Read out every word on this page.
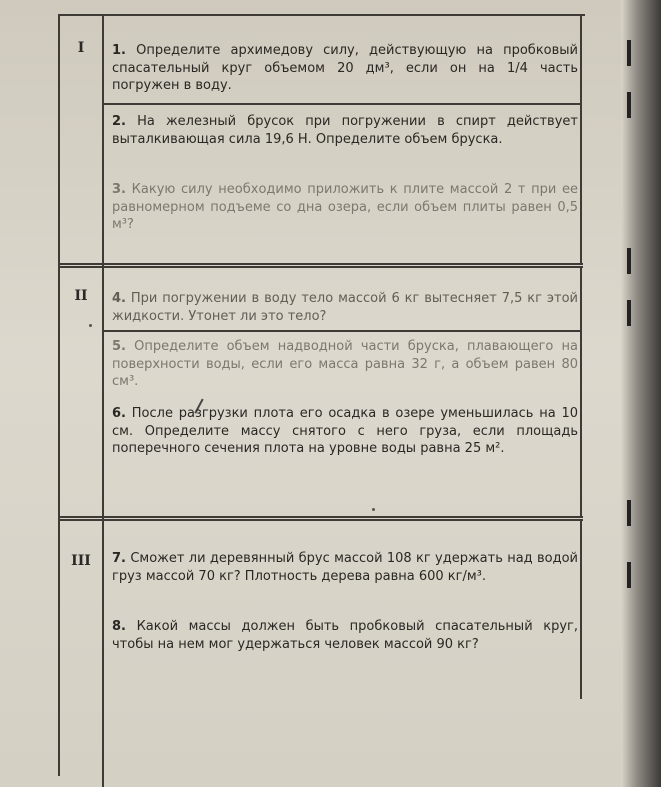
I
II
III

1. Определите архимедову силу, действующую на пробковый спасательный круг объемом 20 дм³, если он на 1/4 часть погружен в воду.

2. На железный брусок при погружении в спирт действует выталкивающая сила 19,6 Н. Определите объем бруска.

3. Какую силу необходимо приложить к плите массой 2 т при ее равномерном подъеме со дна озера, если объем плиты равен 0,5 м³?

4. При погружении в воду тело массой 6 кг вытесняет 7,5 кг этой жидкости. Утонет ли это тело?

5. Определите объем надводной части бруска, плавающего на поверхности воды, если его масса равна 32 г, а объем равен 80 см³.

6. После разгрузки плота его осадка в озере уменьшилась на 10 см. Определите массу снятого с него груза, если площадь поперечного сечения плота на уровне воды равна 25 м².

7. Сможет ли деревянный брус массой 108 кг удержать над водой груз массой 70 кг? Плотность дерева равна 600 кг/м³.

8. Какой массы должен быть пробковый спасательный круг, чтобы на нем мог удержаться человек массой 90 кг?
